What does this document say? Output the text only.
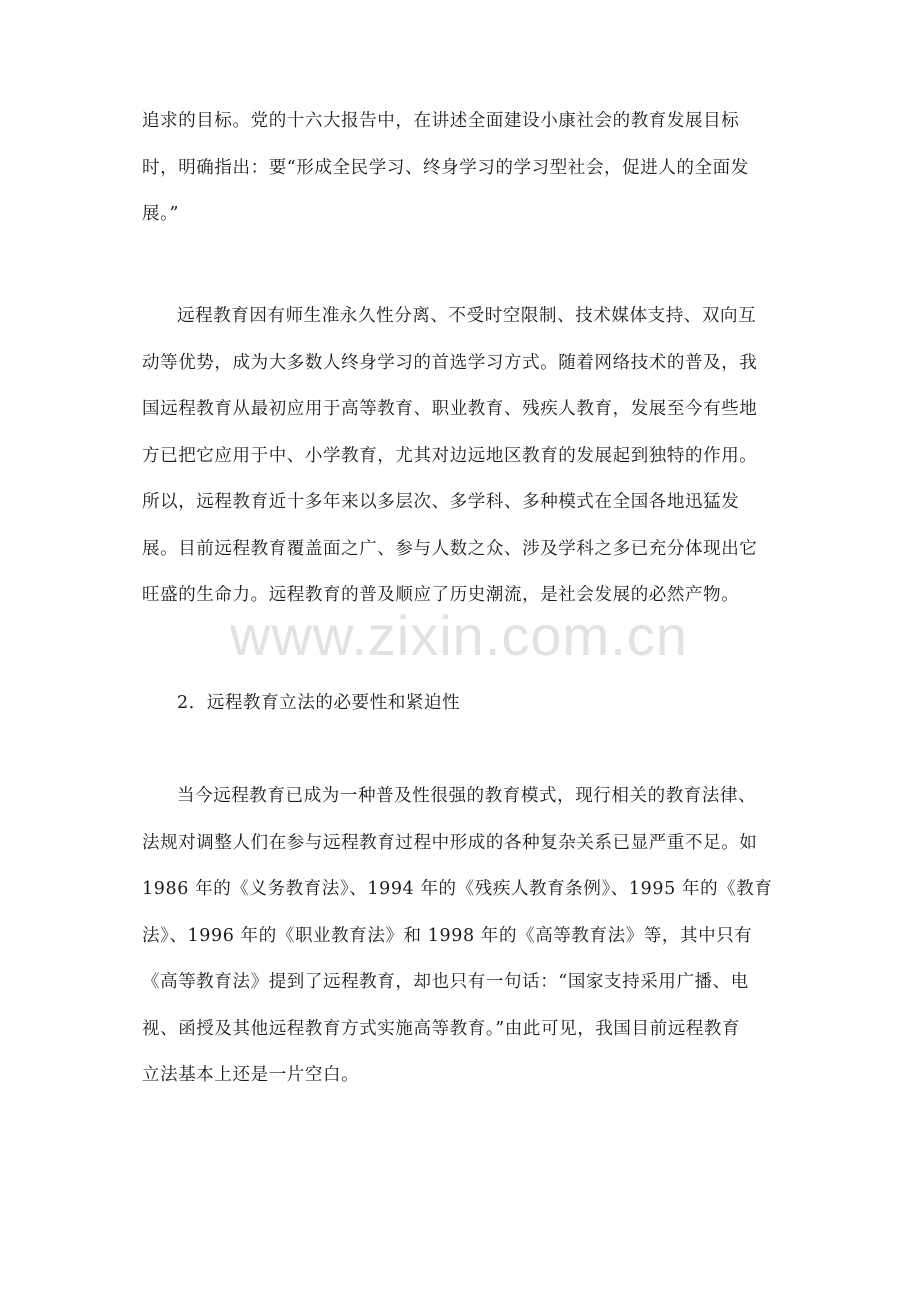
追求的目标。党的十六大报告中，在讲述全面建设小康社会的教育发展目标
时，明确指出：要“形成全民学习、终身学习的学习型社会，促进人的全面发
展。”
远程教育因有师生准永久性分离、不受时空限制、技术媒体支持、双向互
动等优势，成为大多数人终身学习的首选学习方式。随着网络技术的普及，我
国远程教育从最初应用于高等教育、职业教育、残疾人教育，发展至今有些地
方已把它应用于中、小学教育，尤其对边远地区教育的发展起到独特的作用。
所以，远程教育近十多年来以多层次、多学科、多种模式在全国各地迅猛发
展。目前远程教育覆盖面之广、参与人数之众、涉及学科之多已充分体现出它
旺盛的生命力。远程教育的普及顺应了历史潮流，是社会发展的必然产物。
www.zixin.com.cn
2．远程教育立法的必要性和紧迫性
当今远程教育已成为一种普及性很强的教育模式，现行相关的教育法律、
法规对调整人们在参与远程教育过程中形成的各种复杂关系已显严重不足。如
1986 年的《义务教育法》、1994 年的《残疾人教育条例》、1995 年的《教育
法》、1996 年的《职业教育法》和 1998 年的《高等教育法》等，其中只有
《高等教育法》提到了远程教育，却也只有一句话：“国家支持采用广播、电
视、函授及其他远程教育方式实施高等教育。”由此可见，我国目前远程教育
立法基本上还是一片空白。
